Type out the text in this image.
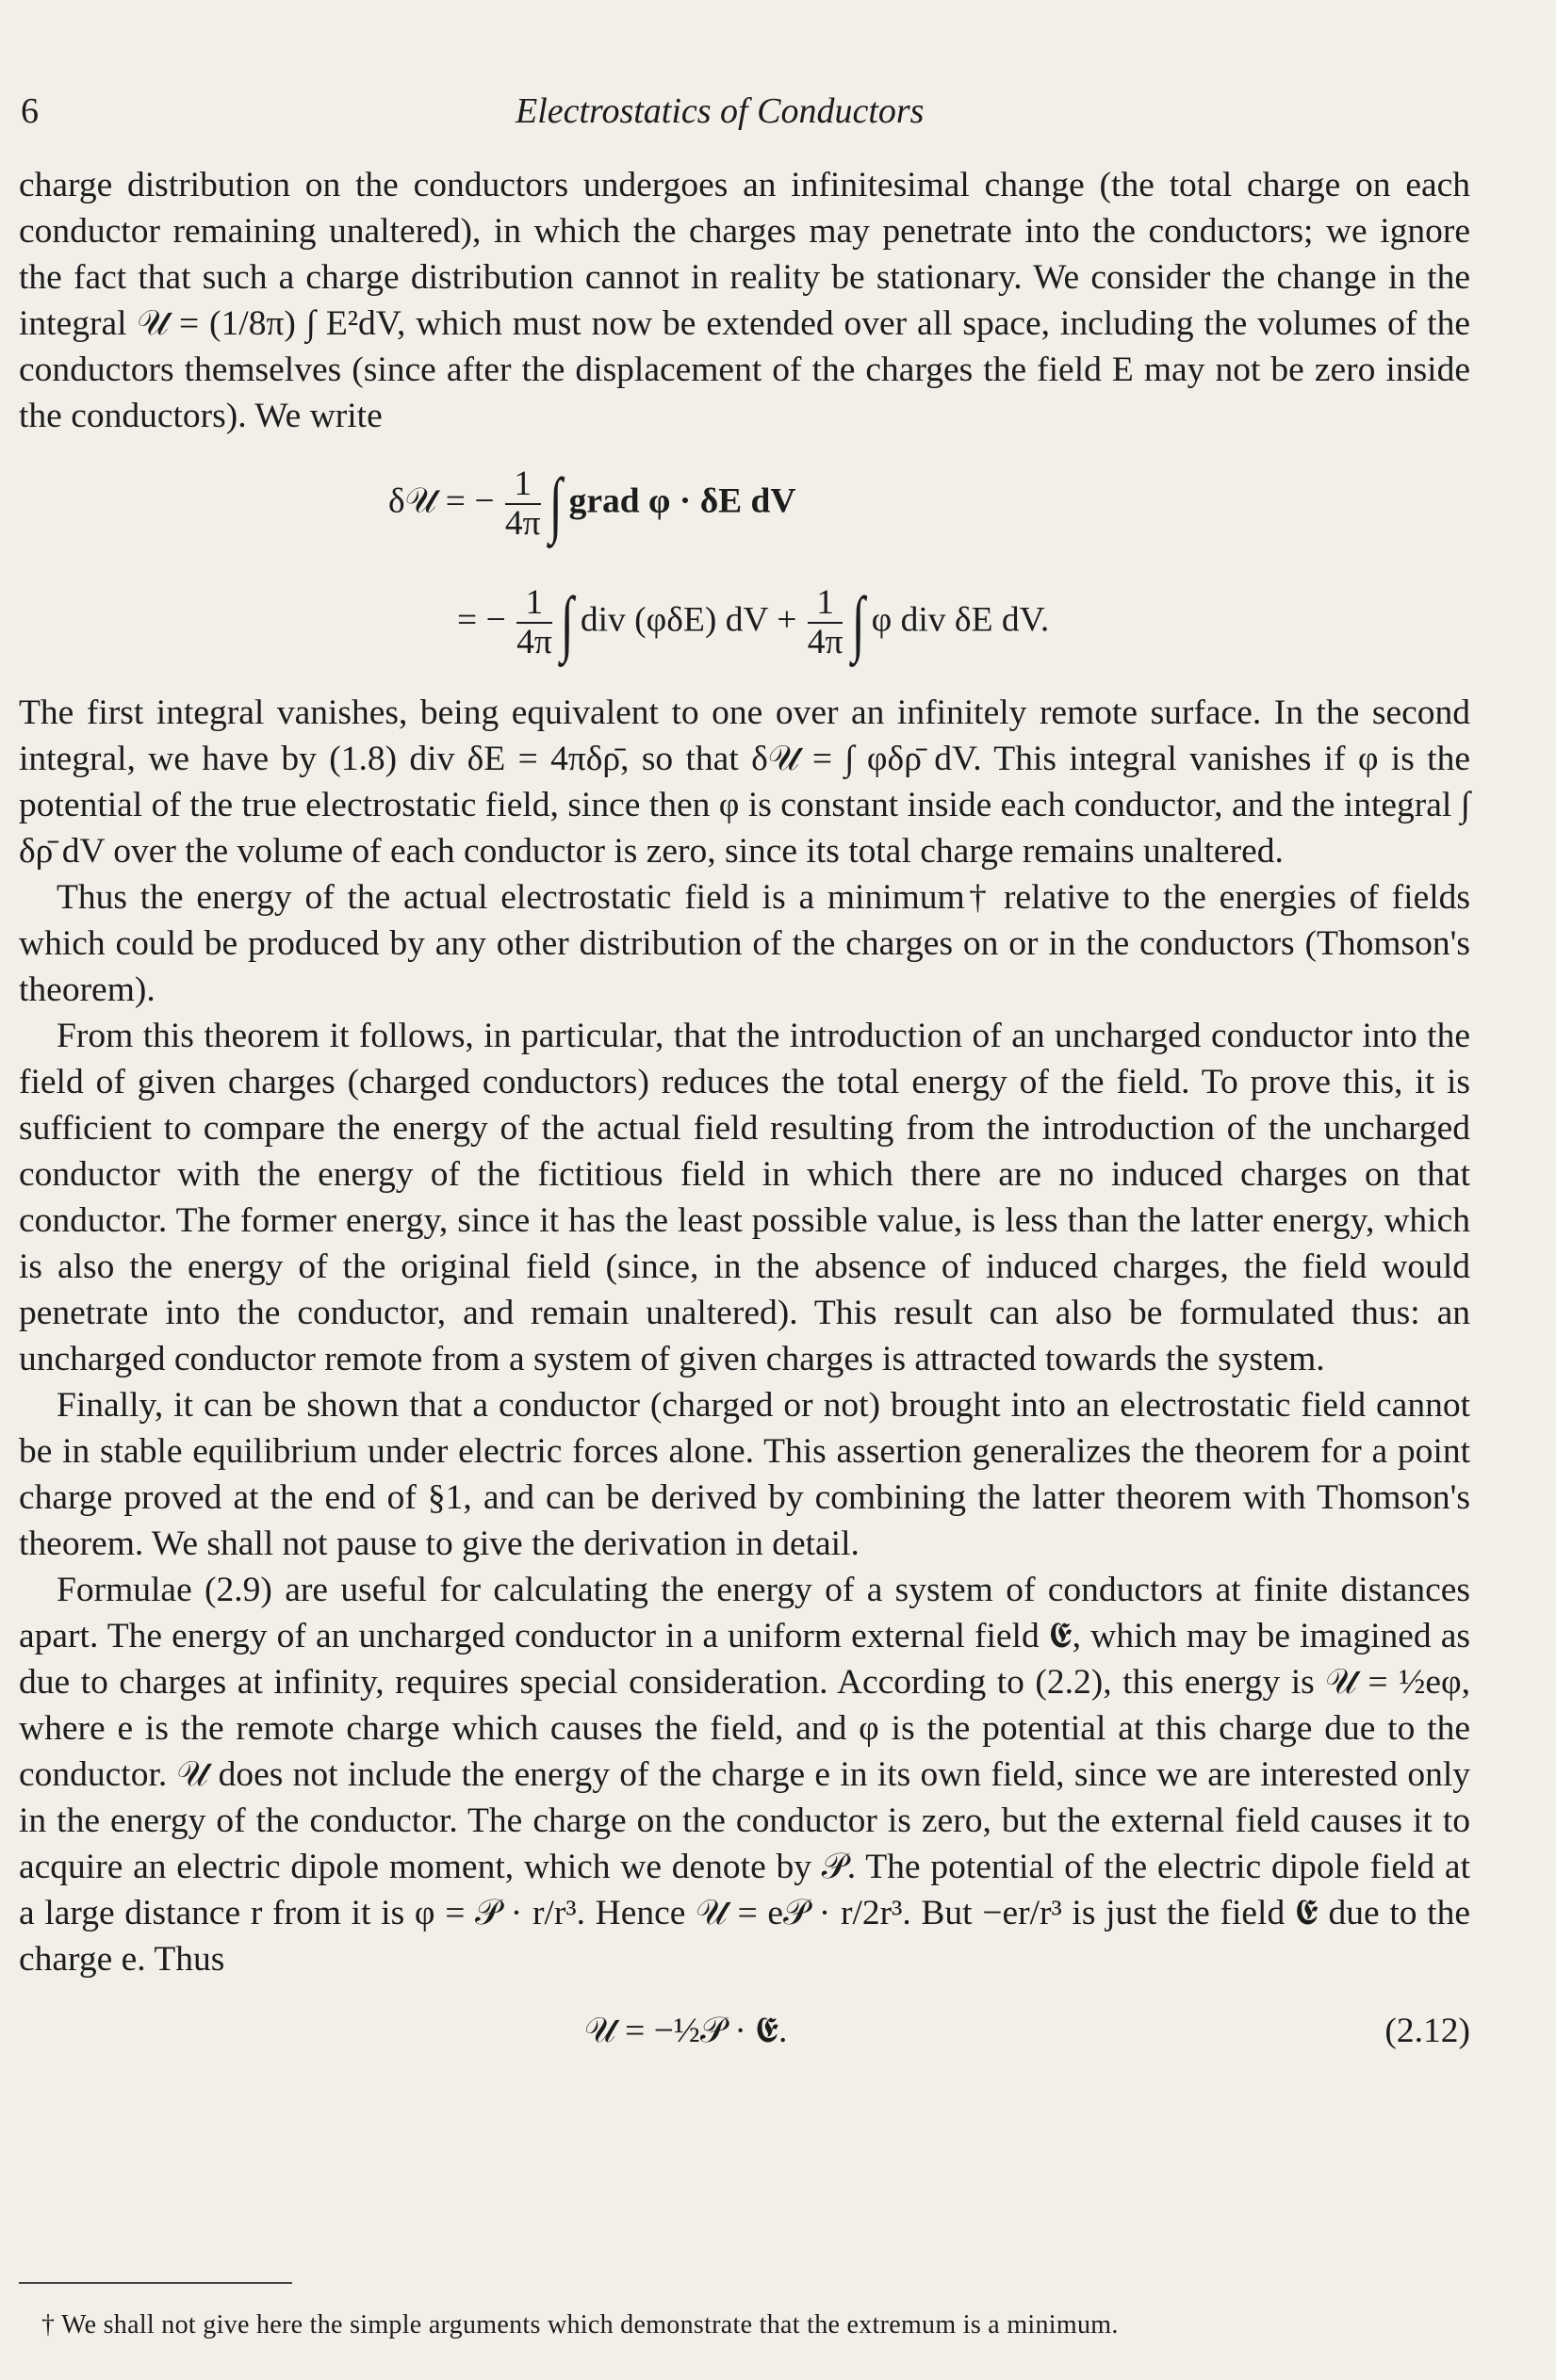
6	Electrostatics of Conductors

charge distribution on the conductors undergoes an infinitesimal change (the total charge on each conductor remaining unaltered), in which the charges may penetrate into the conductors; we ignore the fact that such a charge distribution cannot in reality be stationary. We consider the change in the integral 𝒰 = (1/8π) ∫ E²dV, which must now be extended over all space, including the volumes of the conductors themselves (since after the displacement of the charges the field E may not be zero inside the conductors). We write

δ𝒰 = − $\frac{1}{4\pi}$ ∫ grad φ · δE dV
= − $\frac{1}{4\pi}$ ∫ div (φδE) dV + $\frac{1}{4\pi}$ ∫ φ div δE dV.

The first integral vanishes, being equivalent to one over an infinitely remote surface. In the second integral, we have by (1.8) div δE = 4πδρ̄, so that δ𝒰 = ∫ φδρ̄ dV. This integral vanishes if φ is the potential of the true electrostatic field, since then φ is constant inside each conductor, and the integral ∫ δρ̄ dV over the volume of each conductor is zero, since its total charge remains unaltered.

Thus the energy of the actual electrostatic field is a minimum† relative to the energies of fields which could be produced by any other distribution of the charges on or in the conductors (Thomson's theorem).

From this theorem it follows, in particular, that the introduction of an uncharged conductor into the field of given charges (charged conductors) reduces the total energy of the field. To prove this, it is sufficient to compare the energy of the actual field resulting from the introduction of the uncharged conductor with the energy of the fictitious field in which there are no induced charges on that conductor. The former energy, since it has the least possible value, is less than the latter energy, which is also the energy of the original field (since, in the absence of induced charges, the field would penetrate into the conductor, and remain unaltered). This result can also be formulated thus: an uncharged conductor remote from a system of given charges is attracted towards the system.

Finally, it can be shown that a conductor (charged or not) brought into an electrostatic field cannot be in stable equilibrium under electric forces alone. This assertion generalizes the theorem for a point charge proved at the end of §1, and can be derived by combining the latter theorem with Thomson's theorem. We shall not pause to give the derivation in detail.

Formulae (2.9) are useful for calculating the energy of a system of conductors at finite distances apart. The energy of an uncharged conductor in a uniform external field 𝕰, which may be imagined as due to charges at infinity, requires special consideration. According to (2.2), this energy is 𝒰 = ½eφ, where e is the remote charge which causes the field, and φ is the potential at this charge due to the conductor. 𝒰 does not include the energy of the charge e in its own field, since we are interested only in the energy of the conductor. The charge on the conductor is zero, but the external field causes it to acquire an electric dipole moment, which we denote by 𝒫. The potential of the electric dipole field at a large distance r from it is φ = 𝒫 · r/r³. Hence 𝒰 = e𝒫 · r/2r³. But −er/r³ is just the field 𝕰 due to the charge e. Thus

𝒰 = −½𝒫 · 𝕰.	(2.12)
† We shall not give here the simple arguments which demonstrate that the extremum is a minimum.
